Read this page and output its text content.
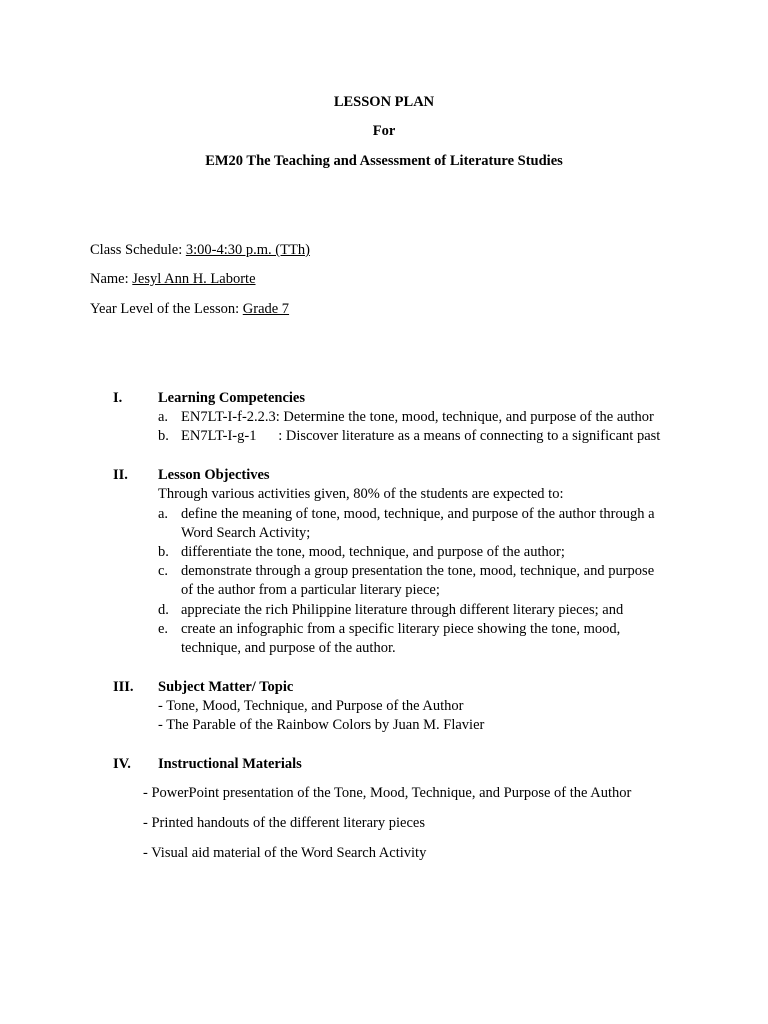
LESSON PLAN
For
EM20 The Teaching and Assessment of Literature Studies
Class Schedule: 3:00-4:30 p.m. (TTh)
Name: Jesyl Ann H. Laborte
Year Level of the Lesson: Grade 7
I. Learning Competencies
a. EN7LT-I-f-2.2.3: Determine the tone, mood, technique, and purpose of the author
b. EN7LT-I-g-1      : Discover literature as a means of connecting to a significant past
II. Lesson Objectives
Through various activities given, 80% of the students are expected to:
a. define the meaning of tone, mood, technique, and purpose of the author through a
Word Search Activity;
b. differentiate the tone, mood, technique, and purpose of the author;
c. demonstrate through a group presentation the tone, mood, technique, and purpose
of the author from a particular literary piece;
d. appreciate the rich Philippine literature through different literary pieces; and
e. create an infographic from a specific literary piece showing the tone, mood,
technique, and purpose of the author.
III. Subject Matter/ Topic
- Tone, Mood, Technique, and Purpose of the Author
- The Parable of the Rainbow Colors by Juan M. Flavier
IV. Instructional Materials
- PowerPoint presentation of the Tone, Mood, Technique, and Purpose of the Author
- Printed handouts of the different literary pieces
- Visual aid material of the Word Search Activity
